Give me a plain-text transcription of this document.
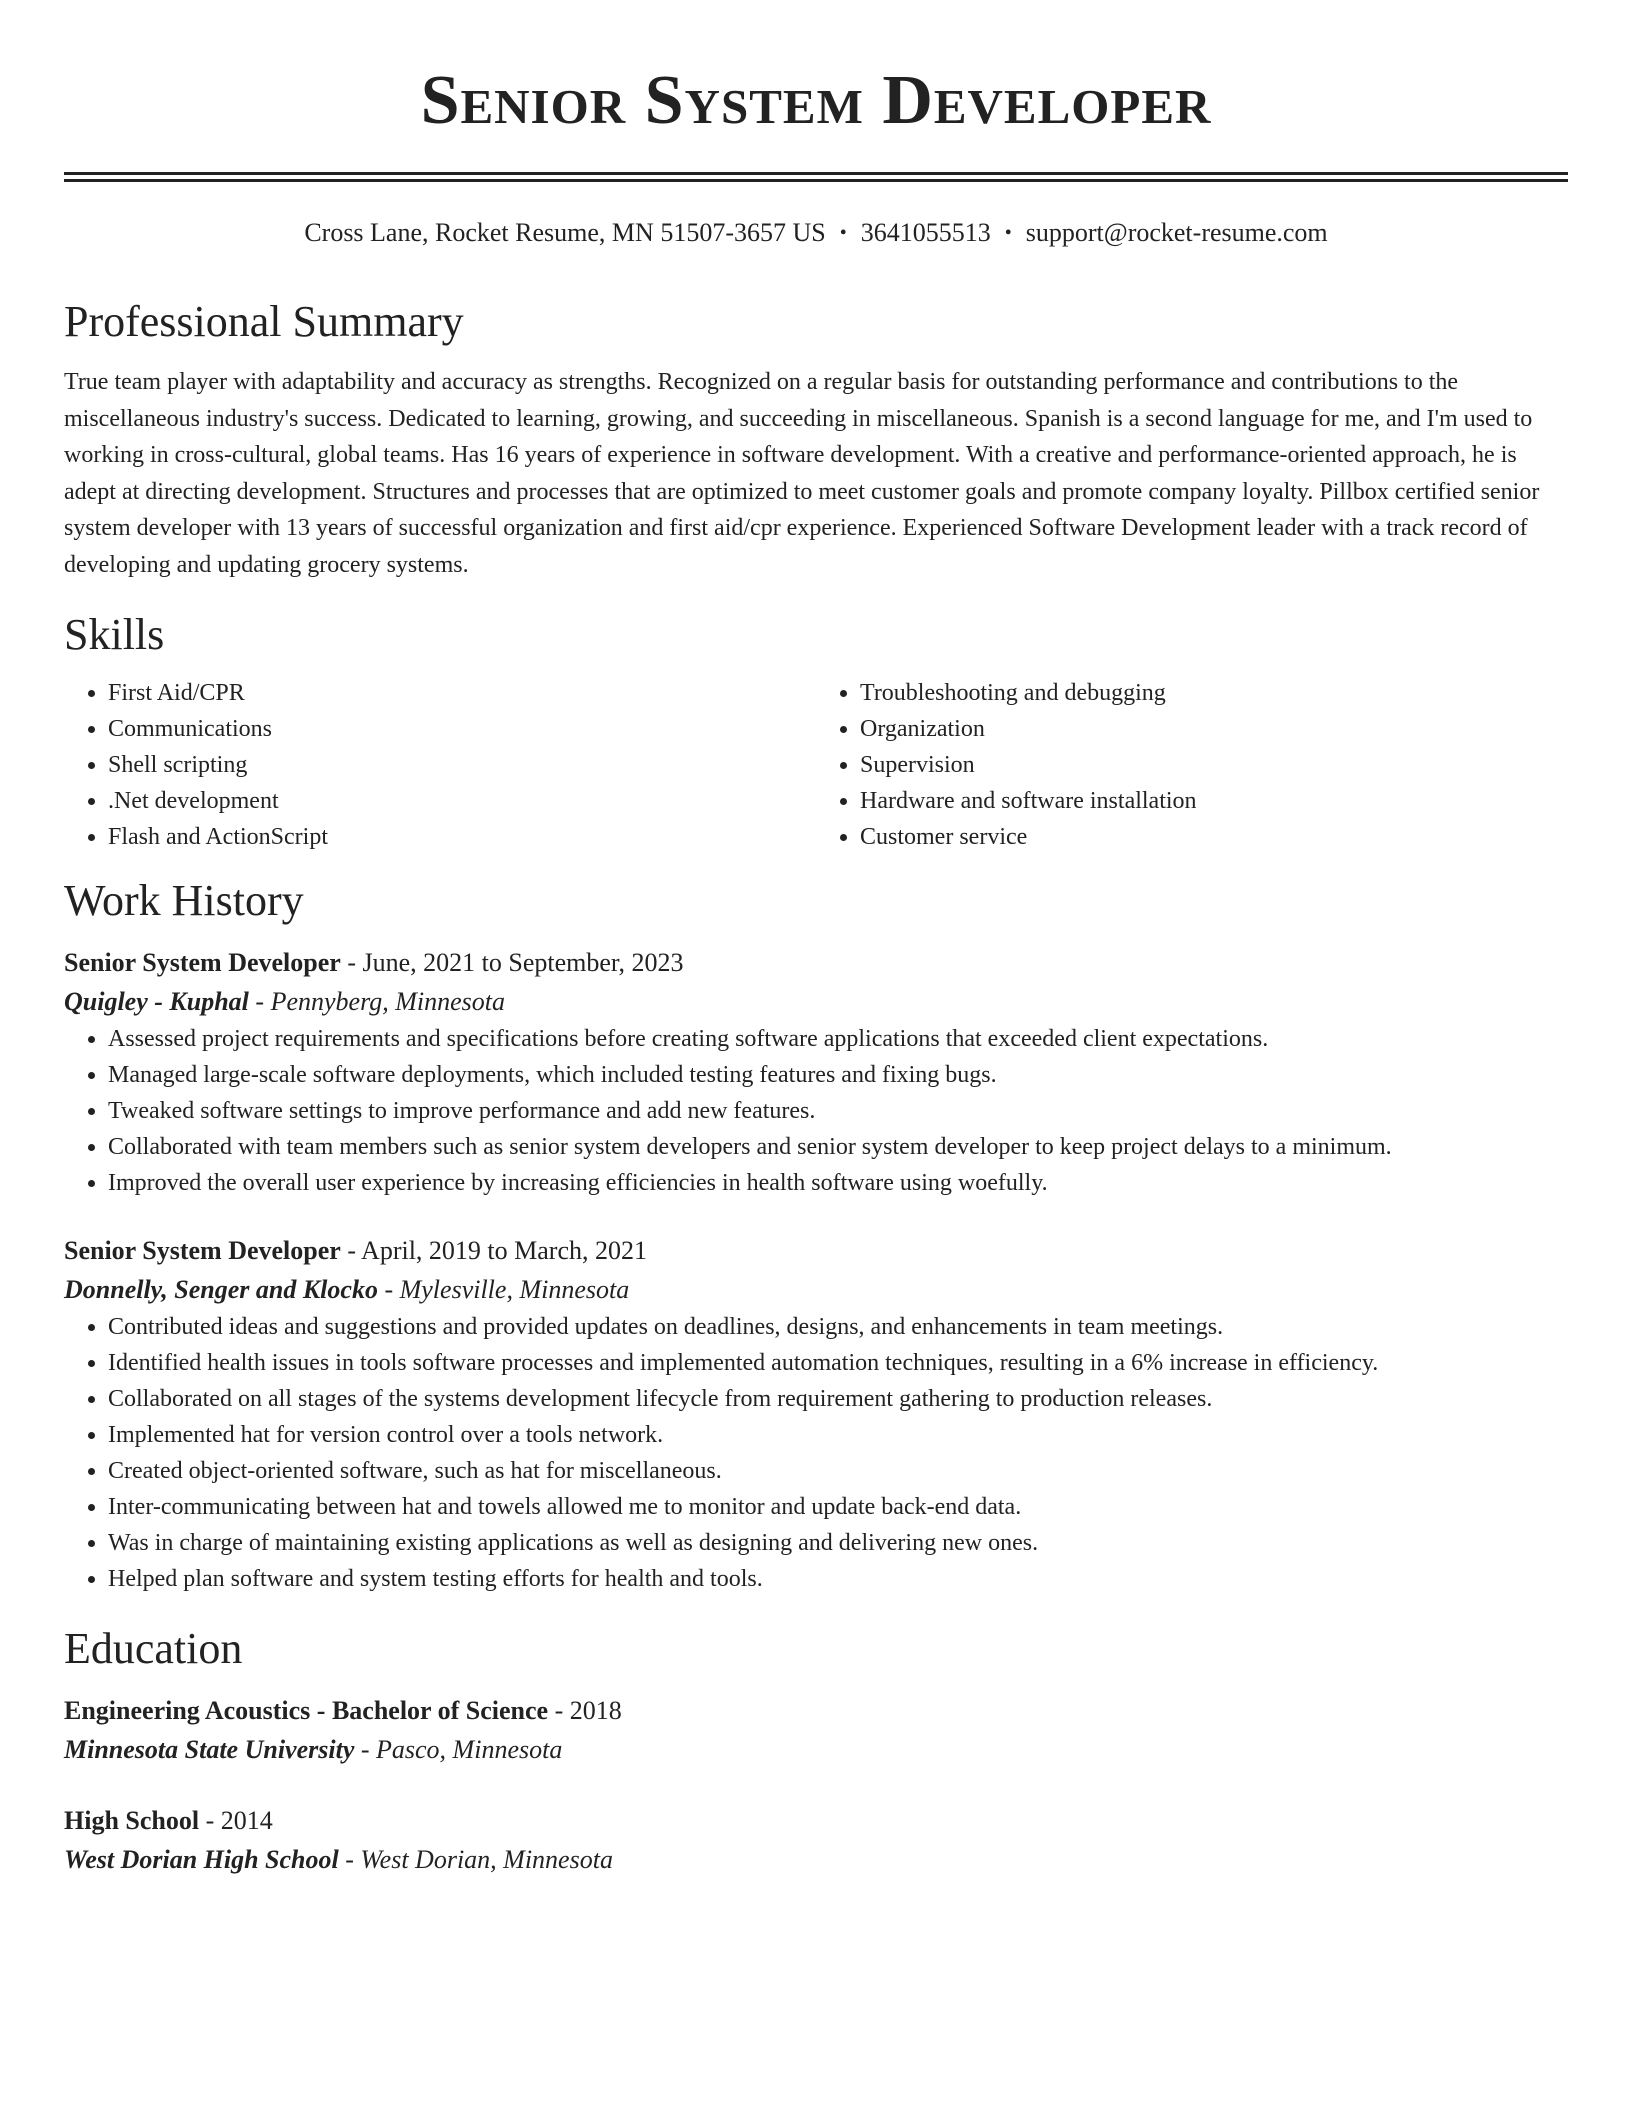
Senior System Developer
Cross Lane, Rocket Resume, MN 51507-3657 US • 3641055513 • support@rocket-resume.com
Professional Summary

True team player with adaptability and accuracy as strengths. Recognized on a regular basis for outstanding performance and contributions to the miscellaneous industry's success. Dedicated to learning, growing, and succeeding in miscellaneous. Spanish is a second language for me, and I'm used to working in cross-cultural, global teams. Has 16 years of experience in software development. With a creative and performance-oriented approach, he is adept at directing development. Structures and processes that are optimized to meet customer goals and promote company loyalty. Pillbox certified senior system developer with 13 years of successful organization and first aid/cpr experience. Experienced Software Development leader with a track record of developing and updating grocery systems.

Skills
• First Aid/CPR
• Communications
• Shell scripting
• .Net development
• Flash and ActionScript
• Troubleshooting and debugging
• Organization
• Supervision
• Hardware and software installation
• Customer service
Work History
Senior System Developer - June, 2021 to September, 2023
Quigley - Kuphal - Pennyberg, Minnesota
• Assessed project requirements and specifications before creating software applications that exceeded client expectations.
• Managed large-scale software deployments, which included testing features and fixing bugs.
• Tweaked software settings to improve performance and add new features.
• Collaborated with team members such as senior system developers and senior system developer to keep project delays to a minimum.
• Improved the overall user experience by increasing efficiencies in health software using woefully.
Senior System Developer - April, 2019 to March, 2021
Donnelly, Senger and Klocko - Mylesville, Minnesota
• Contributed ideas and suggestions and provided updates on deadlines, designs, and enhancements in team meetings.
• Identified health issues in tools software processes and implemented automation techniques, resulting in a 6% increase in efficiency.
• Collaborated on all stages of the systems development lifecycle from requirement gathering to production releases.
• Implemented hat for version control over a tools network.
• Created object-oriented software, such as hat for miscellaneous.
• Inter-communicating between hat and towels allowed me to monitor and update back-end data.
• Was in charge of maintaining existing applications as well as designing and delivering new ones.
• Helped plan software and system testing efforts for health and tools.
Education
Engineering Acoustics - Bachelor of Science - 2018
Minnesota State University - Pasco, Minnesota
High School - 2014
West Dorian High School - West Dorian, Minnesota
